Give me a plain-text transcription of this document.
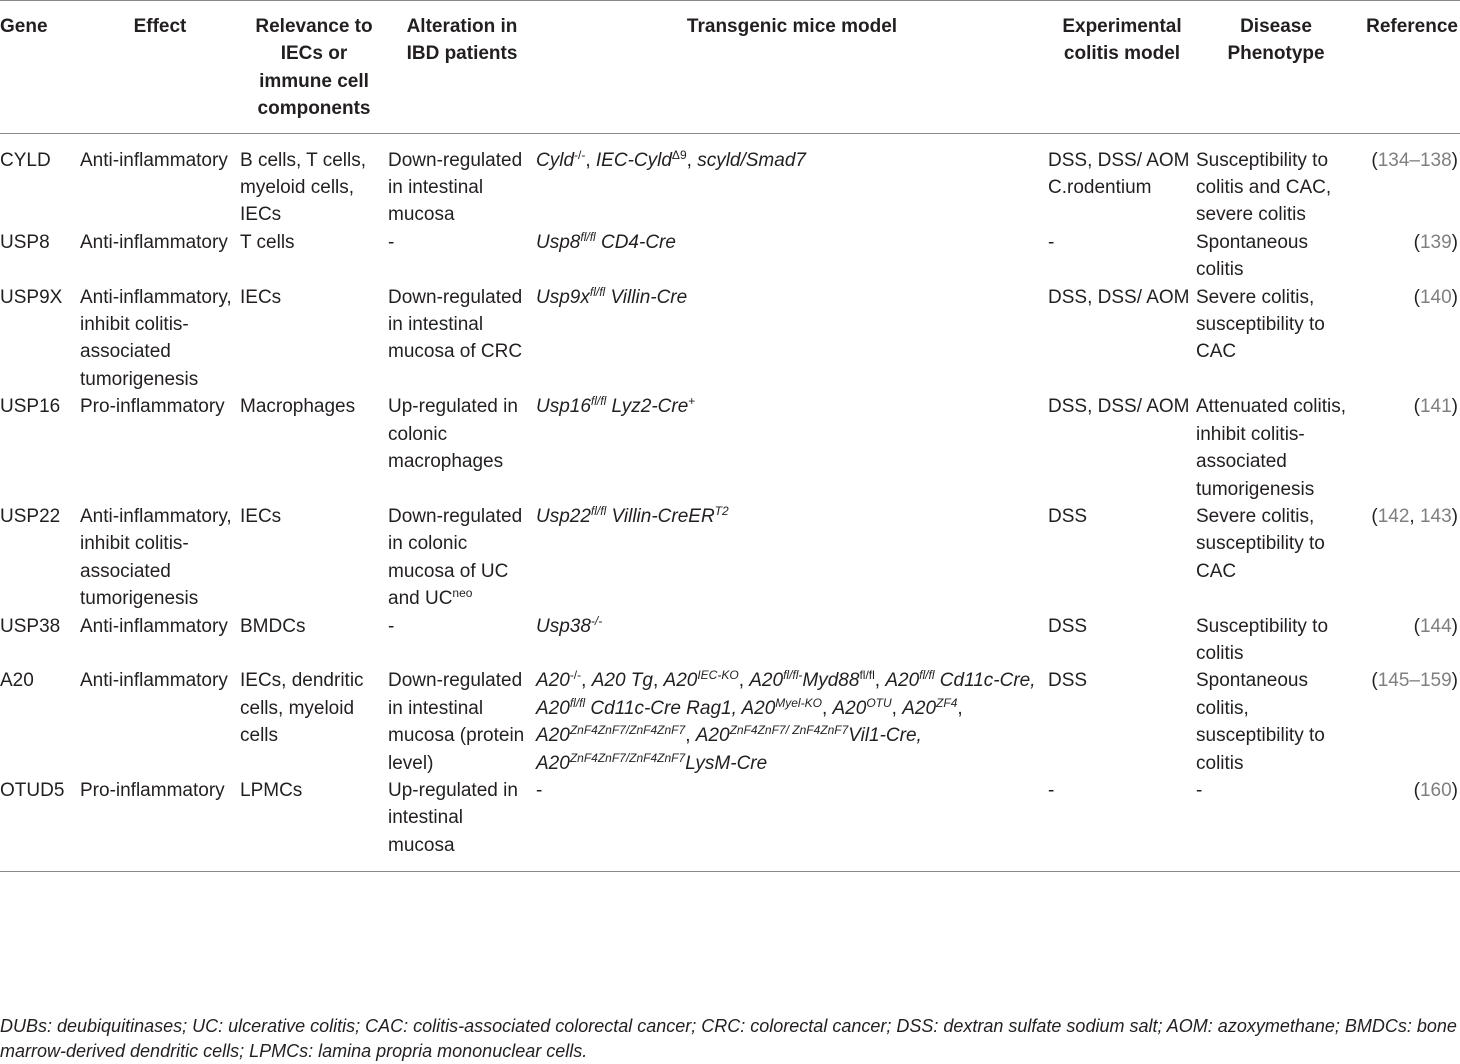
Gene	Effect	Relevance to IECs or immune cell components	Alteration in IBD patients	Transgenic mice model	Experimental colitis model	Disease Phenotype	Reference
CYLD	Anti-inflammatory	B cells, T cells, myeloid cells, IECs	Down-regulated in intestinal mucosa	Cyld-/-, IEC-Cyld$^{\Delta 9}$, scyld/Smad7	DSS, DSS/ AOM C.rodentium	Susceptibility to colitis and CAC, severe colitis	(134–138)
USP8	Anti-inflammatory	T cells	-	$Usp8^{fl/fl}$ CD4-Cre	-	Spontaneous colitis	(139)
USP9X	Anti-inflammatory, inhibit colitis-associated tumorigenesis	IECs	Down-regulated in intestinal mucosa of CRC	$Usp9x^{fl/fl}$ Villin-Cre	DSS, DSS/ AOM	Severe colitis, susceptibility to CAC	(140)
USP16	Pro-inflammatory	Macrophages	Up-regulated in colonic macrophages	$Usp16^{fl/fl}$ Lyz2-Cre+	DSS, DSS/ AOM	Attenuated colitis, inhibit colitis-associated tumorigenesis	(141)
USP22	Anti-inflammatory, inhibit colitis-associated tumorigenesis	IECs	Down-regulated in colonic mucosa of UC and $UC^{neo}$	$Usp22^{fl/fl}$ Villin-CreER$^{T2}$	DSS	Severe colitis, susceptibility to CAC	(142, 143)
USP38	Anti-inflammatory	BMDCs	-	Usp38-/-	DSS	Susceptibility to colitis	(144)
A20	Anti-inflammatory	IECs, dendritic cells, myeloid cells	Down-regulated in intestinal mucosa (protein level)	A20-/-, A20 Tg, $A20^{IEC-KO}$, $A20^{fl/fl-}Myd88^{fl/fl}$, $A20^{fl/fl}$ Cd11c-Cre, $A20^{fl/fl}$ Cd11c-Cre Rag1, $A20^{Myel-KO}$, $A20^{OTU}$, $A20^{ZF4}$, $A20^{ZnF4ZnF7/ZnF4ZnF7}$, $A20^{ZnF4ZnF7/ ZnF4ZnF7}Vil1$-Cre, $A20^{ZnF4ZnF7/ZnF4ZnF7}LysM$-Cre	DSS	Spontaneous colitis, susceptibility to colitis	(145–159)
OTUD5	Pro-inflammatory	LPMCs	Up-regulated in intestinal mucosa	-	-	-	(160)
DUBs: deubiquitinases; UC: ulcerative colitis; CAC: colitis-associated colorectal cancer; CRC: colorectal cancer; DSS: dextran sulfate sodium salt; AOM: azoxymethane; BMDCs: bone marrow-derived dendritic cells; LPMCs: lamina propria mononuclear cells.
